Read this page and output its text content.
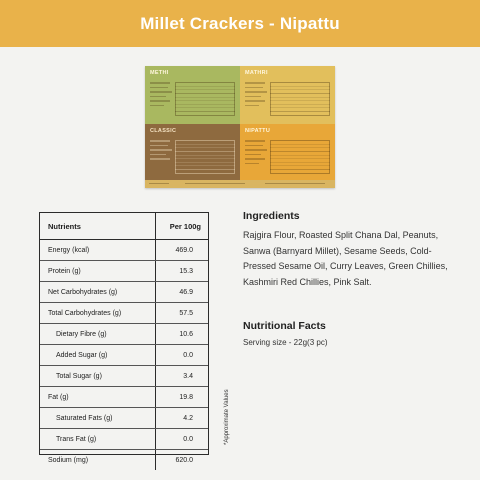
Millet Crackers - Nipattu
METHI	MATHRI
CLASSIC	NIPATTU
Nutrients	Per 100g
Energy (kcal)	469.0
Protein (g)	15.3
Net Carbohydrates (g)	46.9
Total Carbohydrates (g)	57.5
Dietary Fibre (g)	10.6
Added Sugar (g)	0.0
Total Sugar (g)	3.4
Fat (g)	19.8
Saturated Fats (g)	4.2
Trans Fat (g)	0.0
Sodium (mg)	620.0
*Approximate Values
Ingredients
Rajgira Flour, Roasted Split Chana Dal, Peanuts, Sanwa (Barnyard Millet), Sesame Seeds, Cold-Pressed Sesame Oil, Curry Leaves, Green Chillies, Kashmiri Red Chillies, Pink Salt.
Nutritional Facts
Serving size - 22g(3 pc)
